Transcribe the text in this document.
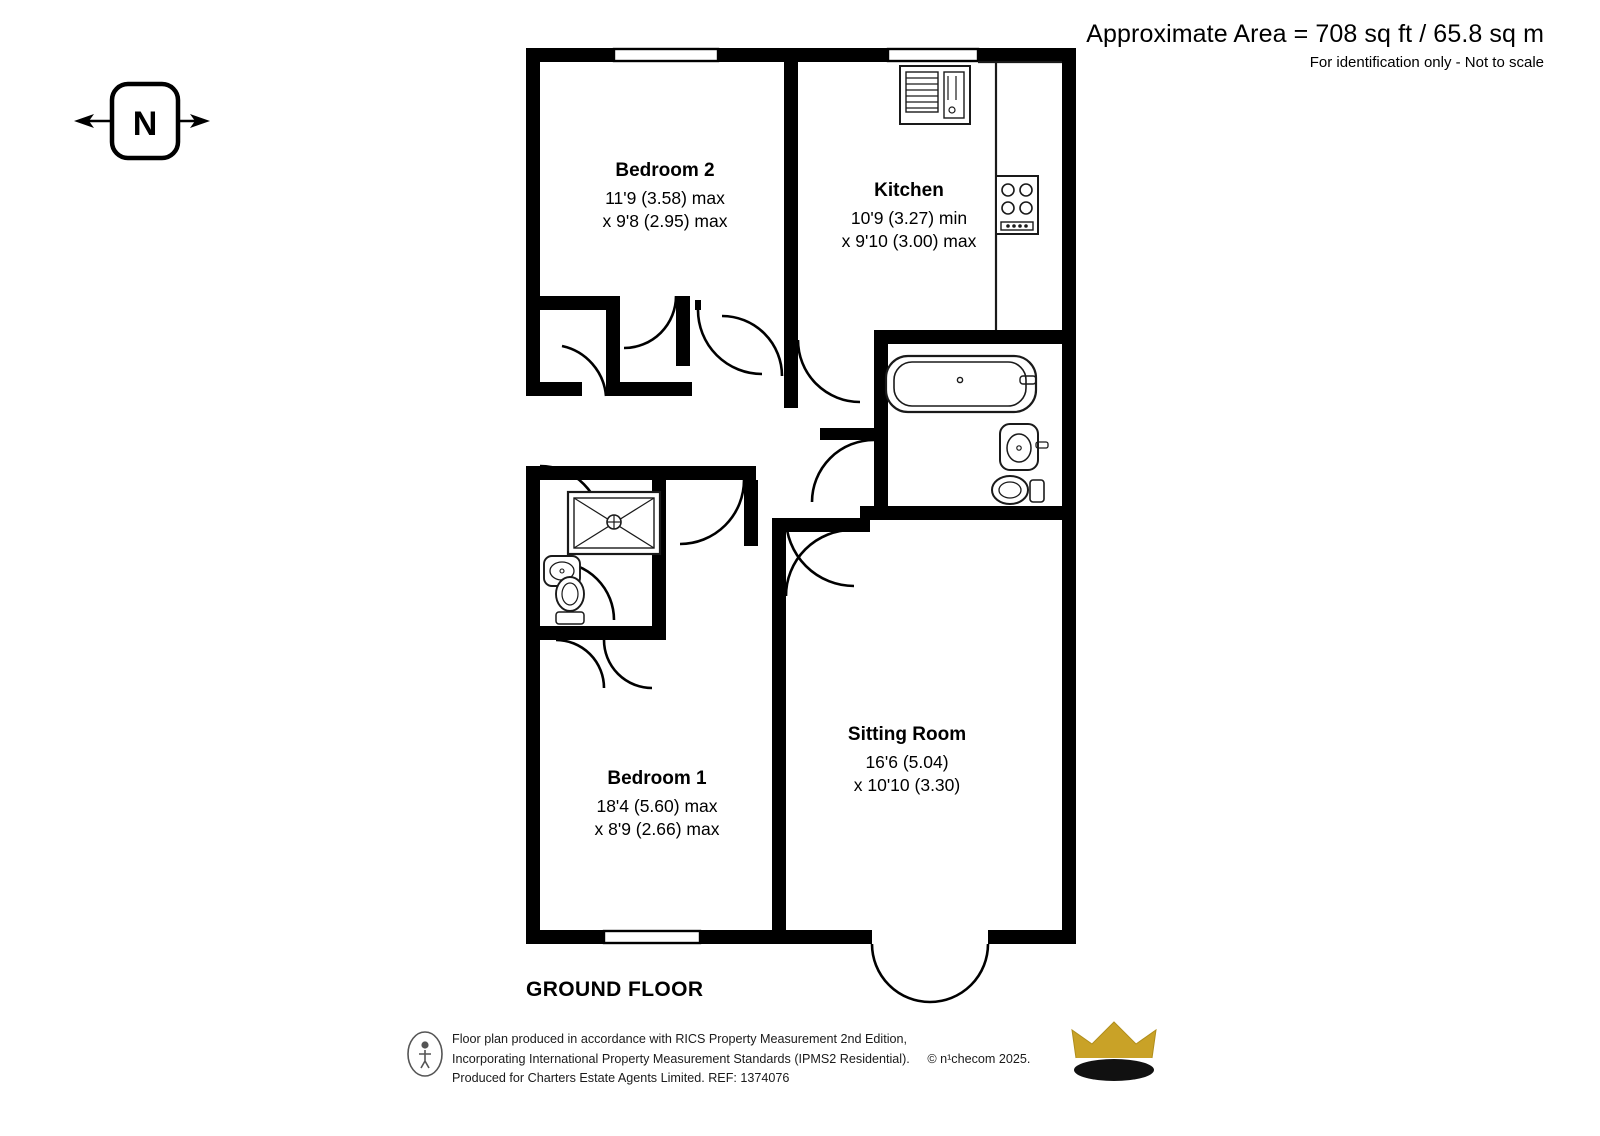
Approximate Area = 708 sq ft / 65.8 sq m
For identification only - Not to scale
N
Bedroom 2
11'9 (3.58) max
x 9'8 (2.95) max
Kitchen
10'9 (3.27) min
x 9'10 (3.00) max
Sitting Room
16'6 (5.04)
x 10'10 (3.30)
Bedroom 1
18'4 (5.60) max
x 8'9 (2.66) max
GROUND FLOOR
Floor plan produced in accordance with RICS Property Measurement 2nd Edition,
Incorporating International Property Measurement Standards (IPMS2 Residential). © n¹checom 2025.
Produced for Charters Estate Agents Limited. REF: 1374076
